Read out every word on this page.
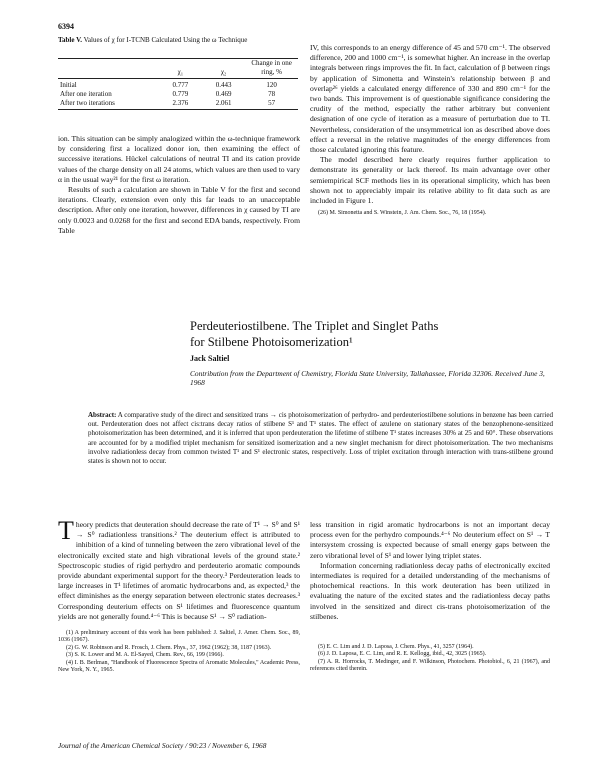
6394
Table V. Values of χ for I-TCNB Calculated Using the ω Technique
	χ₁	χ₂	Change in one ring, %
Initial	0.777	0.443	120
After one iteration	0.779	0.469	78
After two iterations	2.376	2.061	57

ion. This situation can be simply analogized within the ω-technique framework by considering first a localized donor ion, then examining the effect of successive iterations. Hückel calculations of neutral TI and its cation provide values of the charge density on all 24 atoms, which values are then used to vary α in the usual way²¹ for the first ω iteration.

Results of such a calculation are shown in Table V for the first and second iterations. Clearly, extension even only this far leads to an unacceptable description. After only one iteration, however, differences in χ caused by TI are only 0.0023 and 0.0268 for the first and second EDA bands, respectively. From Table

IV, this corresponds to an energy difference of 45 and 570 cm⁻¹. The observed difference, 200 and 1000 cm⁻¹, is somewhat higher. An increase in the overlap integrals between rings improves the fit. In fact, calculation of β between rings by application of Simonetta and Winstein's relationship between β and overlap²⁶ yields a calculated energy difference of 330 and 890 cm⁻¹ for the two bands. This improvement is of questionable significance considering the crudity of the method, especially the rather arbitrary but convenient designation of one cycle of iteration as a measure of perturbation due to TI. Nevertheless, consideration of the unsymmetrical ion as described above does effect a reversal in the relative magnitudes of the energy differences from those calculated ignoring this feature.

The model described here clearly requires further application to demonstrate its generality or lack thereof. Its main advantage over other semiempirical SCF methods lies in its operational simplicity, which has been shown not to appreciably impair its relative ability to fit data such as are included in Figure 1.

(26) M. Simonetta and S. Winstein, J. Am. Chem. Soc., 76, 18 (1954).

Perdeuteriostilbene. The Triplet and Singlet Paths
for Stilbene Photoisomerization¹
Jack Saltiel
Contribution from the Department of Chemistry, Florida State University, Tallahassee, Florida 32306. Received June 3, 1968
Abstract: A comparative study of the direct and sensitized trans → cis photoisomerization of perhydro- and perdeuteriostilbene solutions in benzene has been carried out. Perdeuteration does not affect cis:trans decay ratios of stilbene S¹ and T¹ states. The effect of azulene on stationary states of the benzophenone-sensitized photoisomerization has been determined, and it is inferred that upon perdeuteration the lifetime of stilbene T¹ states increases 30% at 25 and 60°. These observations are accounted for by a modified triplet mechanism for sensitized isomerization and a new singlet mechanism for direct photoisomerization. The two mechanisms involve radiationless decay from common twisted T¹ and S¹ electronic states, respectively. Loss of triplet excitation through interaction with trans-stilbene ground states is shown not to occur.

T heory predicts that deuteration should decrease the rate of T¹ → S⁰ and S¹ → S⁰ radiationless transitions.² The deuterium effect is attributed to inhibition of a kind of tunneling between the zero vibrational level of the electronically excited state and high vibrational levels of the ground state.² Spectroscopic studies of rigid perhydro and perdeuterio aromatic compounds provide abundant experimental support for the theory.³ Perdeuteration leads to large increases in T¹ lifetimes of aromatic hydrocarbons and, as expected,³ the effect diminishes as the energy separation between electronic states decreases.³ Corresponding deuterium effects on S¹ lifetimes and fluorescence quantum yields are not generally found.⁴⁻⁶ This is because S¹ → S⁰ radiation-

(1) A preliminary account of this work has been published: J. Saltiel, J. Amer. Chem. Soc., 89, 1036 (1967).

(2) G. W. Robinson and R. Frosch, J. Chem. Phys., 37, 1962 (1962); 38, 1187 (1963).

(3) S. K. Lower and M. A. El-Sayed, Chem. Rev., 66, 199 (1966).

(4) I. B. Berlman, "Handbook of Fluorescence Spectra of Aromatic Molecules," Academic Press, New York, N. Y., 1965.

less transition in rigid aromatic hydrocarbons is not an important decay process even for the perhydro compounds.⁴⁻⁶ No deuterium effect on S¹ → T intersystem crossing is expected because of small energy gaps between the zero vibrational level of S¹ and lower lying triplet states.

Information concerning radiationless decay paths of electronically excited intermediates is required for a detailed understanding of the mechanisms of photochemical reactions. In this work deuteration has been utilized in evaluating the nature of the excited states and the radiationless decay paths involved in the sensitized and direct cis-trans photoisomerization of the stilbenes.

(5) E. C. Lim and J. D. Laposa, J. Chem. Phys., 41, 3257 (1964).

(6) J. D. Laposa, E. C. Lim, and R. E. Kellogg, ibid., 42, 3025 (1965).

(7) A. R. Horrocks, T. Medinger, and F. Wilkinson, Photochem. Photobiol., 6, 21 (1967), and references cited therein.

Journal of the American Chemical Society / 90:23 / November 6, 1968
